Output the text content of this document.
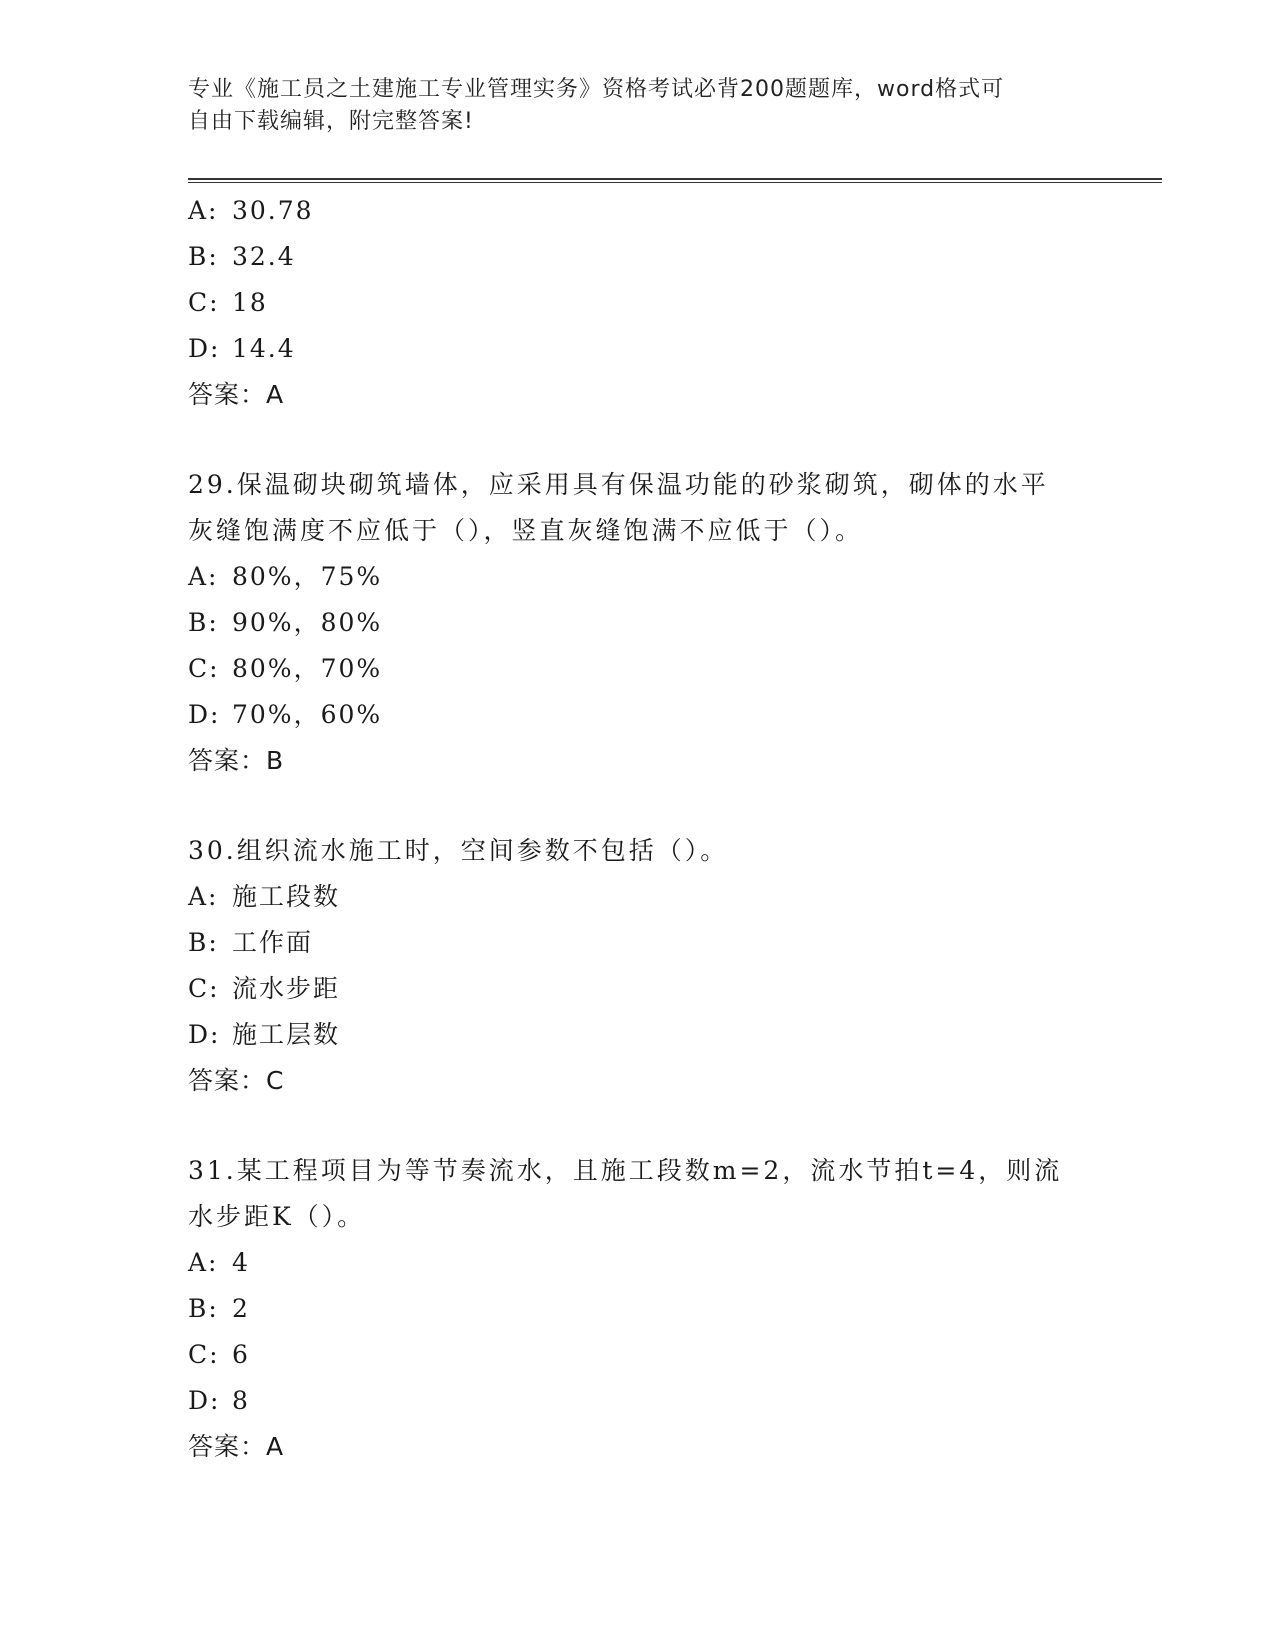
专业《施工员之土建施工专业管理实务》资格考试必背200题题库，word格式可
自由下载编辑，附完整答案!
A: 30.78
B: 32.4
C: 18
D: 14.4
答案：A
29.保温砌块砌筑墙体，应采用具有保温功能的砂浆砌筑，砌体的水平
灰缝饱满度不应低于（），竖直灰缝饱满不应低于（）。
A: 80%，75%
B: 90%，80%
C: 80%，70%
D: 70%，60%
答案：B
30.组织流水施工时，空间参数不包括（）。
A: 施工段数
B: 工作面
C: 流水步距
D: 施工层数
答案：C
31.某工程项目为等节奏流水，且施工段数m=2，流水节拍t=4，则流
水步距K（）。
A: 4
B: 2
C: 6
D: 8
答案：A
